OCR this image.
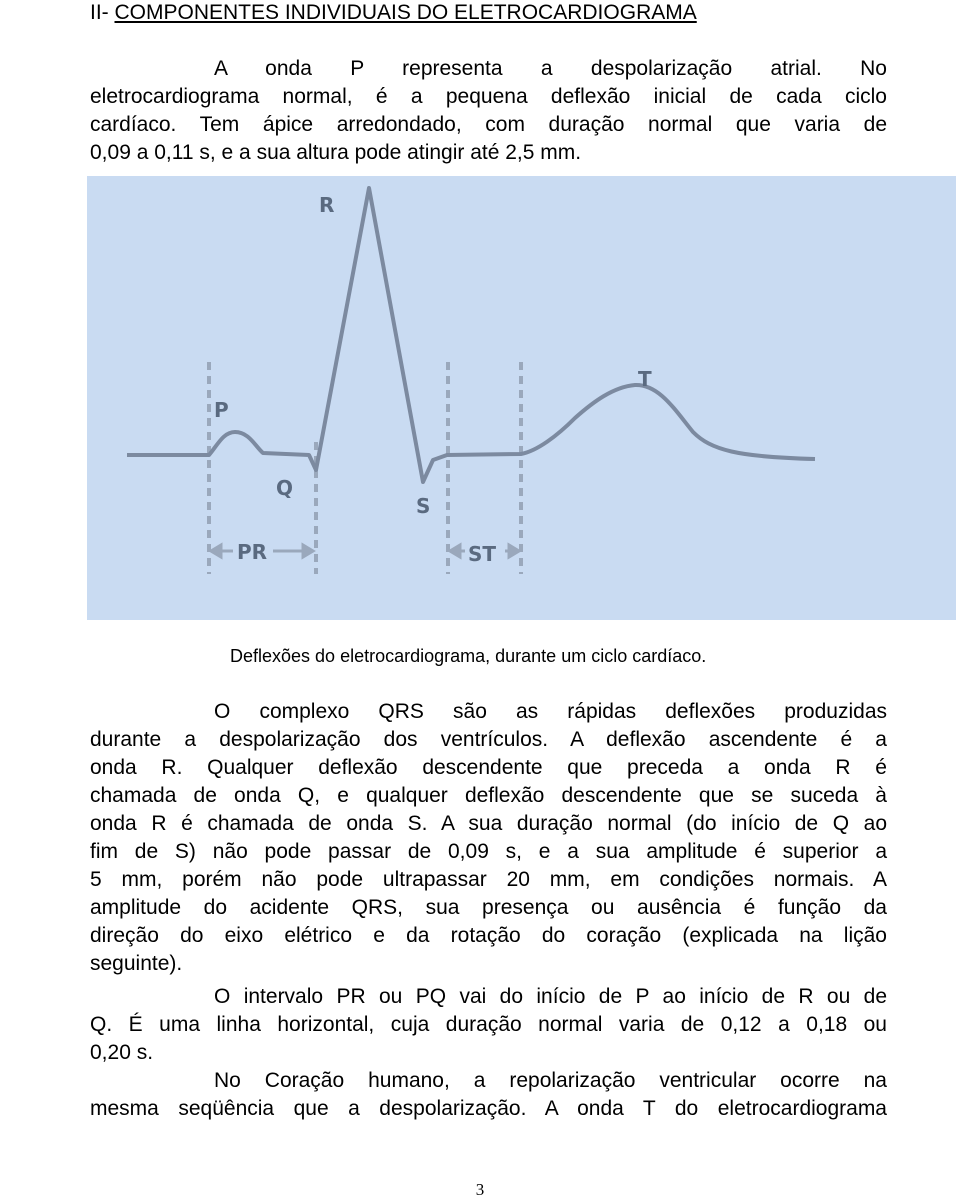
II- COMPONENTES INDIVIDUAIS DO ELETROCARDIOGRAMA
A onda P representa a despolarização atrial. No
eletrocardiograma normal, é a pequena deflexão inicial de cada ciclo
cardíaco. Tem ápice arredondado, com duração normal que varia de
0,09 a 0,11 s, e a sua altura pode atingir até 2,5 mm.
R
P
T
Q
S
PR	ST
Deflexões do eletrocardiograma, durante um ciclo cardíaco.
O complexo QRS são as rápidas deflexões produzidas
durante a despolarização dos ventrículos. A deflexão ascendente é a
onda R. Qualquer deflexão descendente que preceda a onda R é
chamada de onda Q, e qualquer deflexão descendente que se suceda à
onda R é chamada de onda S. A sua duração normal (do início de Q ao
fim de S) não pode passar de 0,09 s, e a sua amplitude é superior a
5 mm, porém não pode ultrapassar 20 mm, em condições normais. A
amplitude do acidente QRS, sua presença ou ausência é função da
direção do eixo elétrico e da rotação do coração (explicada na lição
seguinte).
O intervalo PR ou PQ vai do início de P ao início de R ou de
Q. É uma linha horizontal, cuja duração normal varia de 0,12 a 0,18 ou
0,20 s.
No Coração humano, a repolarização ventricular ocorre na
mesma seqüência que a despolarização. A onda T do eletrocardiograma
3
